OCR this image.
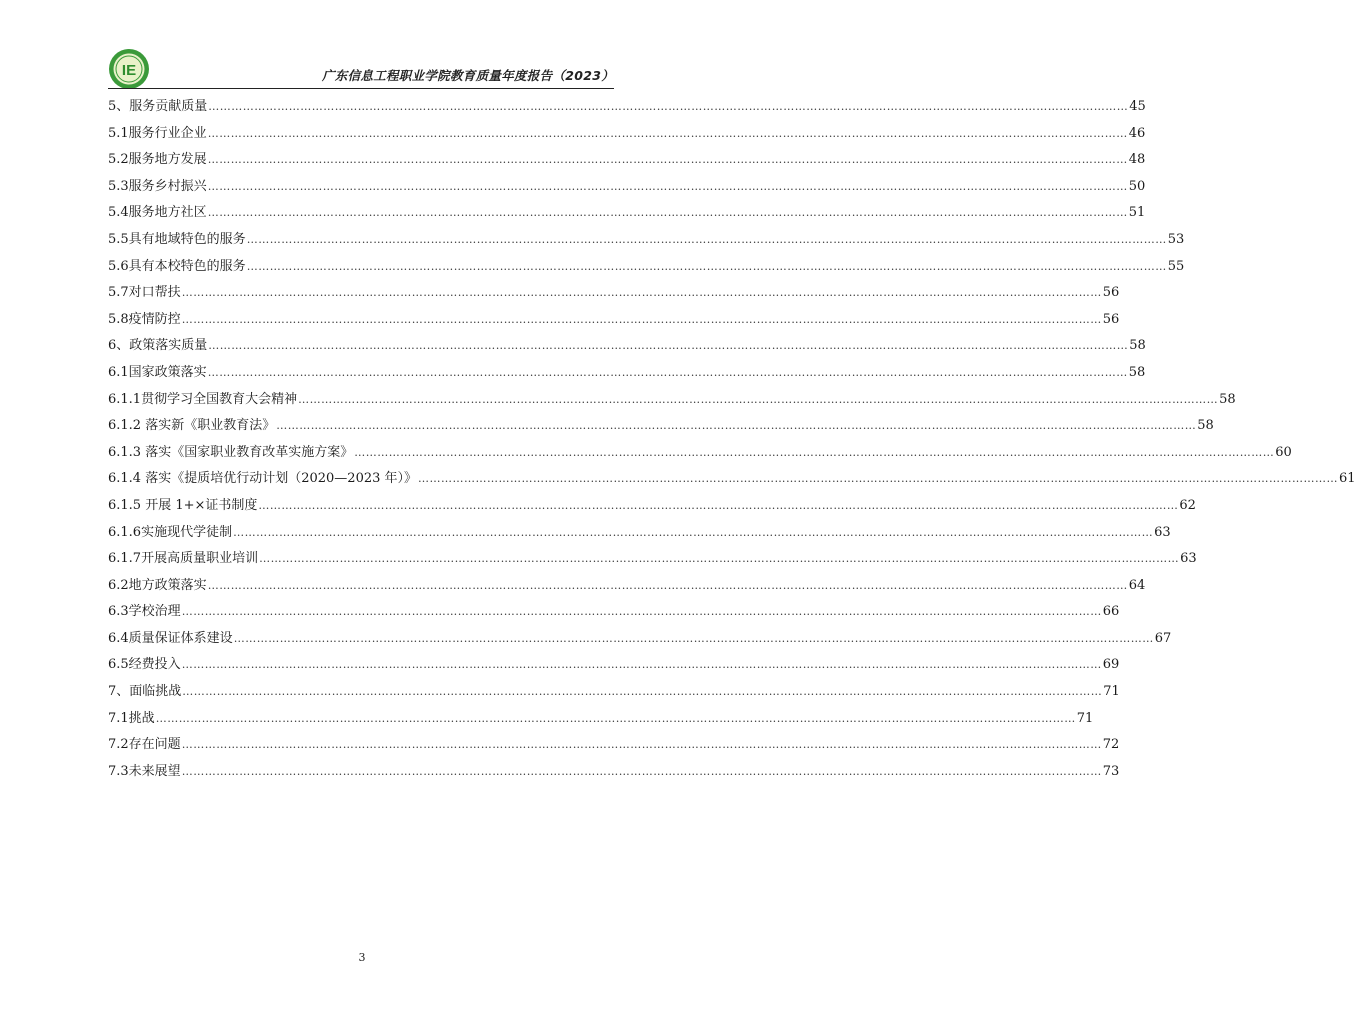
IE	广东信息工程职业学院教育质量年度报告（2023）
5、服务贡献质量 …………………………………………………………………………………………………………………………………………………………………………………………………………………… 45
5.1服务行业企业 …………………………………………………………………………………………………………………………………………………………………………………………………………………… 46
5.2服务地方发展 …………………………………………………………………………………………………………………………………………………………………………………………………………………… 48
5.3服务乡村振兴 …………………………………………………………………………………………………………………………………………………………………………………………………………………… 50
5.4服务地方社区 …………………………………………………………………………………………………………………………………………………………………………………………………………………… 51
5.5具有地域特色的服务 …………………………………………………………………………………………………………………………………………………………………………………………………………………… 53
5.6具有本校特色的服务 …………………………………………………………………………………………………………………………………………………………………………………………………………………… 55
5.7对口帮扶 …………………………………………………………………………………………………………………………………………………………………………………………………………………… 56
5.8疫情防控 …………………………………………………………………………………………………………………………………………………………………………………………………………………… 56
6、政策落实质量 …………………………………………………………………………………………………………………………………………………………………………………………………………………… 58
6.1国家政策落实 …………………………………………………………………………………………………………………………………………………………………………………………………………………… 58
6.1.1贯彻学习全国教育大会精神 …………………………………………………………………………………………………………………………………………………………………………………………………………………… 58
6.1.2 落实新《职业教育法》 …………………………………………………………………………………………………………………………………………………………………………………………………………………… 58
6.1.3 落实《国家职业教育改革实施方案》 …………………………………………………………………………………………………………………………………………………………………………………………………………………… 60
6.1.4 落实《提质培优行动计划（2020—2023 年）》 …………………………………………………………………………………………………………………………………………………………………………………………………………………… 61
6.1.5 开展 1+×证书制度 …………………………………………………………………………………………………………………………………………………………………………………………………………………… 62
6.1.6实施现代学徒制 …………………………………………………………………………………………………………………………………………………………………………………………………………………… 63
6.1.7开展高质量职业培训 …………………………………………………………………………………………………………………………………………………………………………………………………………………… 63
6.2地方政策落实 …………………………………………………………………………………………………………………………………………………………………………………………………………………… 64
6.3学校治理 …………………………………………………………………………………………………………………………………………………………………………………………………………………… 66
6.4质量保证体系建设 …………………………………………………………………………………………………………………………………………………………………………………………………………………… 67
6.5经费投入 …………………………………………………………………………………………………………………………………………………………………………………………………………………… 69
7、面临挑战 …………………………………………………………………………………………………………………………………………………………………………………………………………………… 71
7.1挑战 …………………………………………………………………………………………………………………………………………………………………………………………………………………… 71
7.2存在问题 …………………………………………………………………………………………………………………………………………………………………………………………………………………… 72
7.3未来展望 …………………………………………………………………………………………………………………………………………………………………………………………………………………… 73
3
